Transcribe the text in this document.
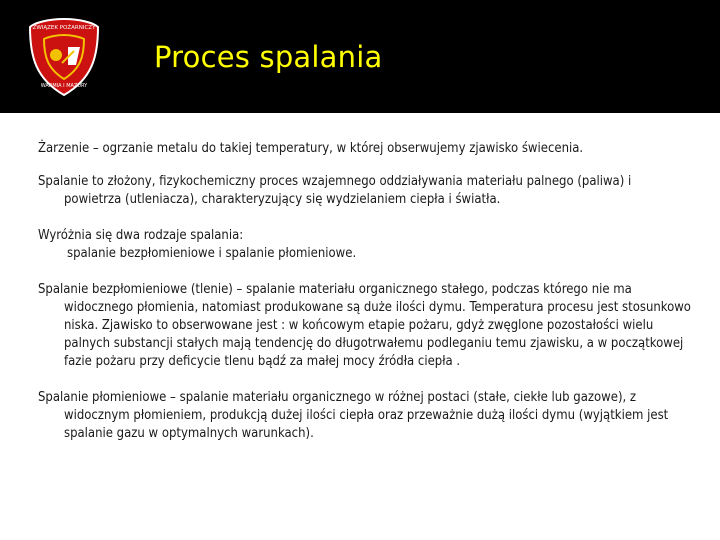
ZWIĄZEK POŻARNICZY
WARMIA I MAZURY
Proces spalania

Żarzenie – ogrzanie metalu do takiej temperatury, w której obserwujemy zjawisko świecenia.

Spalanie to złożony, fizykochemiczny proces wzajemnego oddziaływania materiału palnego (paliwa) i powietrza (utleniacza), charakteryzujący się wydzielaniem ciepła i światła.

Wyróżnia się dwa rodzaje spalania:

spalanie bezpłomieniowe i spalanie płomieniowe.

Spalanie bezpłomieniowe (tlenie) – spalanie materiału organicznego stałego, podczas którego nie ma widocznego płomienia, natomiast produkowane są duże ilości dymu. Temperatura procesu jest stosunkowo niska. Zjawisko to obserwowane jest : w końcowym etapie pożaru, gdyż zwęglone pozostałości wielu palnych substancji stałych mają tendencję do długotrwałemu podleganiu temu zjawisku, a w początkowej fazie pożaru przy deficycie tlenu bądź za małej mocy źródła ciepła .

Spalanie płomieniowe – spalanie materiału organicznego w różnej postaci (stałe, ciekłe lub gazowe), z widocznym płomieniem, produkcją dużej ilości ciepła oraz przeważnie dużą ilości dymu (wyjątkiem jest spalanie gazu w optymalnych warunkach).
